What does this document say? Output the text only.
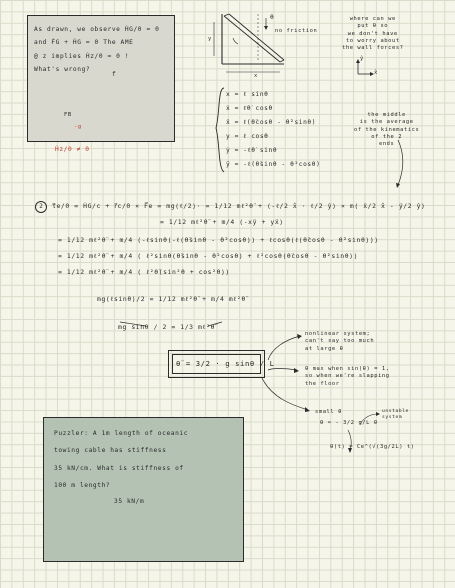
As drawn, we observe ḢG/0 = 0
and ḞG + ḢG = 0 The AME
@ z implies Ḣz/0 = 0 !
What's wrong?
f
FB
-g
Ḣz/0 ≠ 0
θ
no friction
y
x	x̂
ŷ
where can we
put θ so
we don't have
to worry about
the wall forces?
x = ℓ sinθ
ẋ = ℓθ̇ cosθ
ẍ = ℓ(θ̈cosθ - θ̇²sinθ)
y = ℓ cosθ
ẏ = -ℓθ̇ sinθ
ÿ = -ℓ(θ̈sinθ - θ̇²cosθ)
the middle
is the average
of the kinematics
of the 2
ends
2	τ⃗e/0 = ḢG/c + r⃗c/0 × F⃗e = mg(ℓ/2)· = 1/12 mℓ²θ̈ + (-ℓ/2 x̂ · ℓ/2 ŷ) × m( ẍ/2 x̂ - ÿ/2 ŷ)
= 1/12 mℓ²θ̈ + m/4 (-xÿ + yẍ)
= 1/12 mℓ²θ̈ + m/4 (-ℓsinθ(-ℓ(θ̈sinθ - θ̇²cosθ)) + ℓcosθ(ℓ(θ̈cosθ - θ̇²sinθ)))
= 1/12 mℓ²θ̈ + m/4 ( ℓ²sinθ(θ̈sinθ - θ̇²cosθ) + ℓ²cosθ(θ̈cosθ - θ̇²sinθ))
= 1/12 mℓ²θ̈ + m/4 ( ℓ²θ̈(sin²θ + cos²θ))
mg(ℓsinθ)/2 = 1/12 mℓ²θ̈ + m/4 mℓ²θ̈
mg sinθ / 2 = 1/3 mℓ²θ̈
θ̈ = 3/2 · g sinθ / L
nonlinear system;
can't say too much
at large θ
θ max when sin(θ) = 1,
so when we're slapping
the floor
small θ
θ ≈ - 3/2 g/L θ
unstable system
θ(t) = Ce^(√(3g/2L) t)
Puzzler: A 1m length of oceanic
towing cable has stiffness
35 kN/cm. What is stiffness of
100 m length?
35 kN/m
